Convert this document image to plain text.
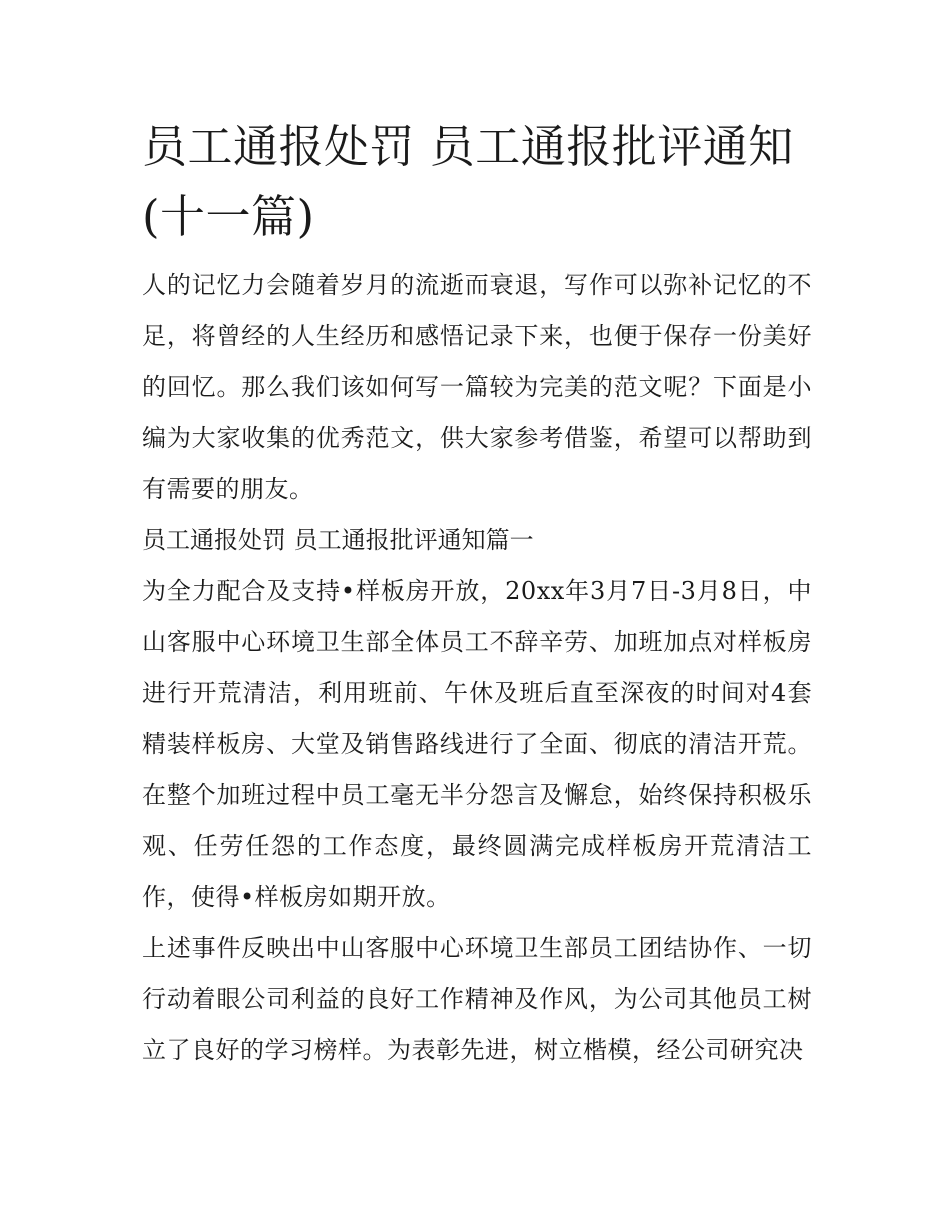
员工通报处罚 员工通报批评通知(十一篇)

人的记忆力会随着岁月的流逝而衰退，写作可以弥补记忆的不足，将曾经的人生经历和感悟记录下来，也便于保存一份美好的回忆。那么我们该如何写一篇较为完美的范文呢？下面是小编为大家收集的优秀范文，供大家参考借鉴，希望可以帮助到有需要的朋友。

员工通报处罚 员工通报批评通知篇一

为全力配合及支持•样板房开放，20xx年3月7日-3月8日，中山客服中心环境卫生部全体员工不辞辛劳、加班加点对样板房进行开荒清洁，利用班前、午休及班后直至深夜的时间对4套精装样板房、大堂及销售路线进行了全面、彻底的清洁开荒。在整个加班过程中员工毫无半分怨言及懈怠，始终保持积极乐观、任劳任怨的工作态度，最终圆满完成样板房开荒清洁工作，使得•样板房如期开放。

上述事件反映出中山客服中心环境卫生部员工团结协作、一切行动着眼公司利益的良好工作精神及作风，为公司其他员工树立了良好的学习榜样。为表彰先进，树立楷模，经公司研究决
